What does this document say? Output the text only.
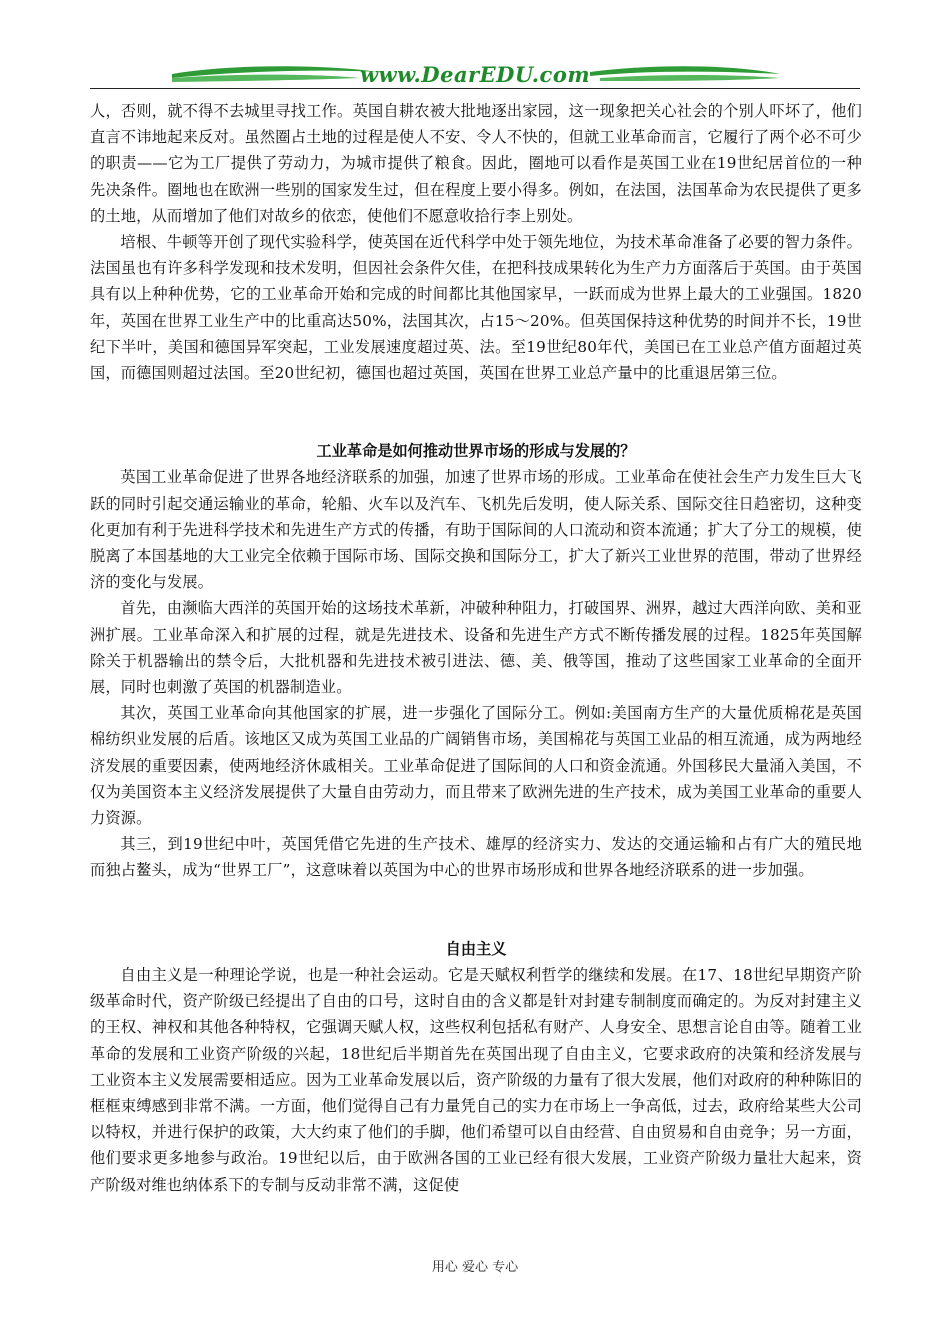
www.DearEDU.com

人，否则，就不得不去城里寻找工作。英国自耕农被大批地逐出家园，这一现象把关心社会的个别人吓坏了，他们直言不讳地起来反对。虽然圈占土地的过程是使人不安、令人不快的，但就工业革命而言，它履行了两个必不可少的职责——它为工厂提供了劳动力，为城市提供了粮食。因此，圈地可以看作是英国工业在19世纪居首位的一种先决条件。圈地也在欧洲一些别的国家发生过，但在程度上要小得多。例如，在法国，法国革命为农民提供了更多的土地，从而增加了他们对故乡的依恋，使他们不愿意收拾行李上别处。

培根、牛顿等开创了现代实验科学，使英国在近代科学中处于领先地位，为技术革命准备了必要的智力条件。法国虽也有许多科学发现和技术发明，但因社会条件欠佳，在把科技成果转化为生产力方面落后于英国。由于英国具有以上种种优势，它的工业革命开始和完成的时间都比其他国家早，一跃而成为世界上最大的工业强国。1820年，英国在世界工业生产中的比重高达50%，法国其次，占15～20%。但英国保持这种优势的时间并不长，19世纪下半叶，美国和德国异军突起，工业发展速度超过英、法。至19世纪80年代，美国已在工业总产值方面超过英国，而德国则超过法国。至20世纪初，德国也超过英国，英国在世界工业总产量中的比重退居第三位。

工业革命是如何推动世界市场的形成与发展的？

英国工业革命促进了世界各地经济联系的加强，加速了世界市场的形成。工业革命在使社会生产力发生巨大飞跃的同时引起交通运输业的革命，轮船、火车以及汽车、飞机先后发明，使人际关系、国际交往日趋密切，这种变化更加有利于先进科学技术和先进生产方式的传播，有助于国际间的人口流动和资本流通；扩大了分工的规模，使脱离了本国基地的大工业完全依赖于国际市场、国际交换和国际分工，扩大了新兴工业世界的范围，带动了世界经济的变化与发展。

首先，由濒临大西洋的英国开始的这场技术革新，冲破种种阻力，打破国界、洲界，越过大西洋向欧、美和亚洲扩展。工业革命深入和扩展的过程，就是先进技术、设备和先进生产方式不断传播发展的过程。1825年英国解除关于机器输出的禁令后，大批机器和先进技术被引进法、德、美、俄等国，推动了这些国家工业革命的全面开展，同时也刺激了英国的机器制造业。

其次，英国工业革命向其他国家的扩展，进一步强化了国际分工。例如:美国南方生产的大量优质棉花是英国棉纺织业发展的后盾。该地区又成为英国工业品的广阔销售市场，美国棉花与英国工业品的相互流通，成为两地经济发展的重要因素，使两地经济休戚相关。工业革命促进了国际间的人口和资金流通。外国移民大量涌入美国，不仅为美国资本主义经济发展提供了大量自由劳动力，而且带来了欧洲先进的生产技术，成为美国工业革命的重要人力资源。

其三，到19世纪中叶，英国凭借它先进的生产技术、雄厚的经济实力、发达的交通运输和占有广大的殖民地而独占鳌头，成为“世界工厂”，这意味着以英国为中心的世界市场形成和世界各地经济联系的进一步加强。

自由主义

自由主义是一种理论学说，也是一种社会运动。它是天赋权利哲学的继续和发展。在17、18世纪早期资产阶级革命时代，资产阶级已经提出了自由的口号，这时自由的含义都是针对封建专制制度而确定的。为反对封建主义的王权、神权和其他各种特权，它强调天赋人权，这些权利包括私有财产、人身安全、思想言论自由等。随着工业革命的发展和工业资产阶级的兴起，18世纪后半期首先在英国出现了自由主义，它要求政府的决策和经济发展与工业资本主义发展需要相适应。因为工业革命发展以后，资产阶级的力量有了很大发展，他们对政府的种种陈旧的框框束缚感到非常不满。一方面，他们觉得自己有力量凭自己的实力在市场上一争高低，过去，政府给某些大公司以特权，并进行保护的政策，大大约束了他们的手脚，他们希望可以自由经营、自由贸易和自由竞争；另一方面，他们要求更多地参与政治。19世纪以后，由于欧洲各国的工业已经有很大发展，工业资产阶级力量壮大起来，资产阶级对维也纳体系下的专制与反动非常不满，这促使

用心 爱心 专心
